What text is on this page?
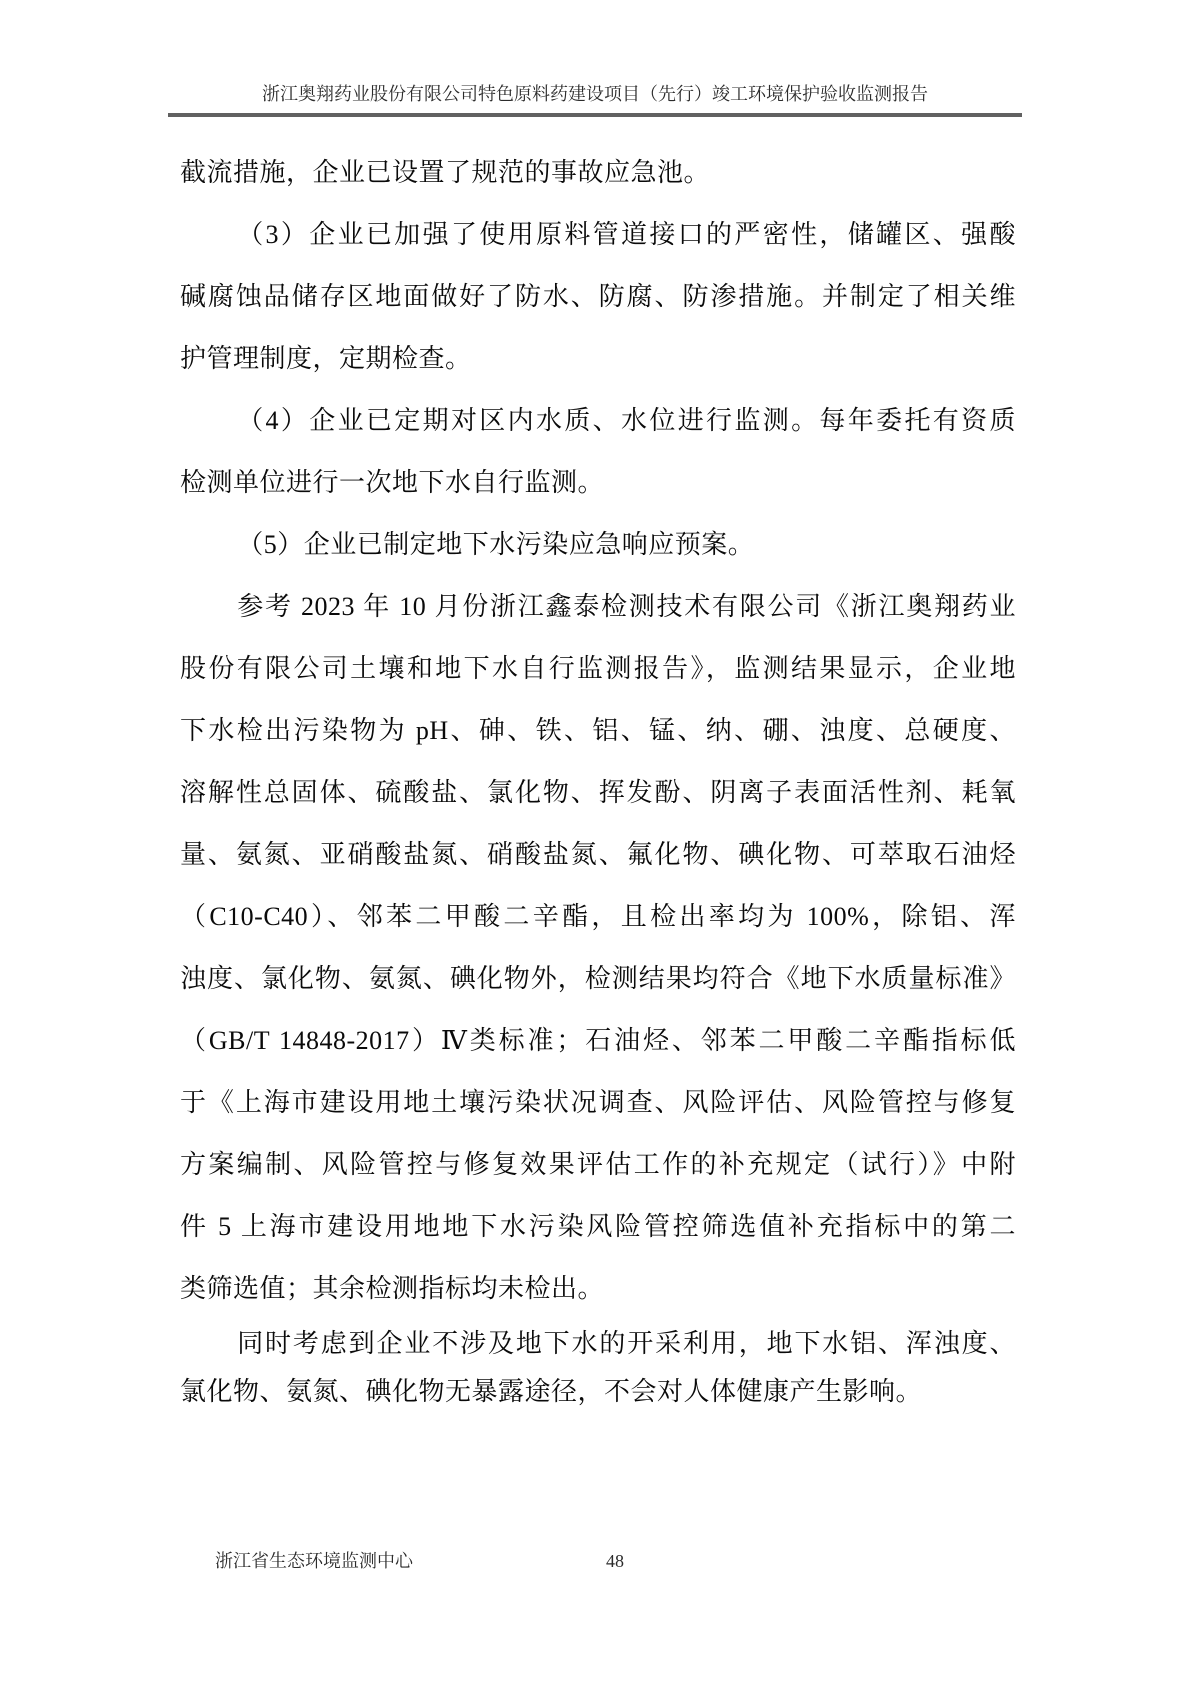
浙江奥翔药业股份有限公司特色原料药建设项目（先行）竣工环境保护验收监测报告
截流措施，企业已设置了规范的事故应急池。
（3）企业已加强了使用原料管道接口的严密性，储罐区、强酸
碱腐蚀品储存区地面做好了防水、防腐、防渗措施。并制定了相关维
护管理制度，定期检查。
（4）企业已定期对区内水质、水位进行监测。每年委托有资质
检测单位进行一次地下水自行监测。
（5）企业已制定地下水污染应急响应预案。
参考 2023 年 10 月份浙江鑫泰检测技术有限公司《浙江奥翔药业
股份有限公司土壤和地下水自行监测报告》，监测结果显示，企业地
下水检出污染物为 pH、砷、铁、铝、锰、纳、硼、浊度、总硬度、
溶解性总固体、硫酸盐、氯化物、挥发酚、阴离子表面活性剂、耗氧
量、氨氮、亚硝酸盐氮、硝酸盐氮、氟化物、碘化物、可萃取石油烃
（C10-C40）、邻苯二甲酸二辛酯，且检出率均为 100%，除铝、浑
浊度、氯化物、氨氮、碘化物外，检测结果均符合《地下水质量标准》
（GB/T 14848-2017）Ⅳ类标准；石油烃、邻苯二甲酸二辛酯指标低
于《上海市建设用地土壤污染状况调查、风险评估、风险管控与修复
方案编制、风险管控与修复效果评估工作的补充规定（试行）》中附
件 5 上海市建设用地地下水污染风险管控筛选值补充指标中的第二
类筛选值；其余检测指标均未检出。
同时考虑到企业不涉及地下水的开采利用，地下水铝、浑浊度、
氯化物、氨氮、碘化物无暴露途径，不会对人体健康产生影响。
浙江省生态环境监测中心	48
